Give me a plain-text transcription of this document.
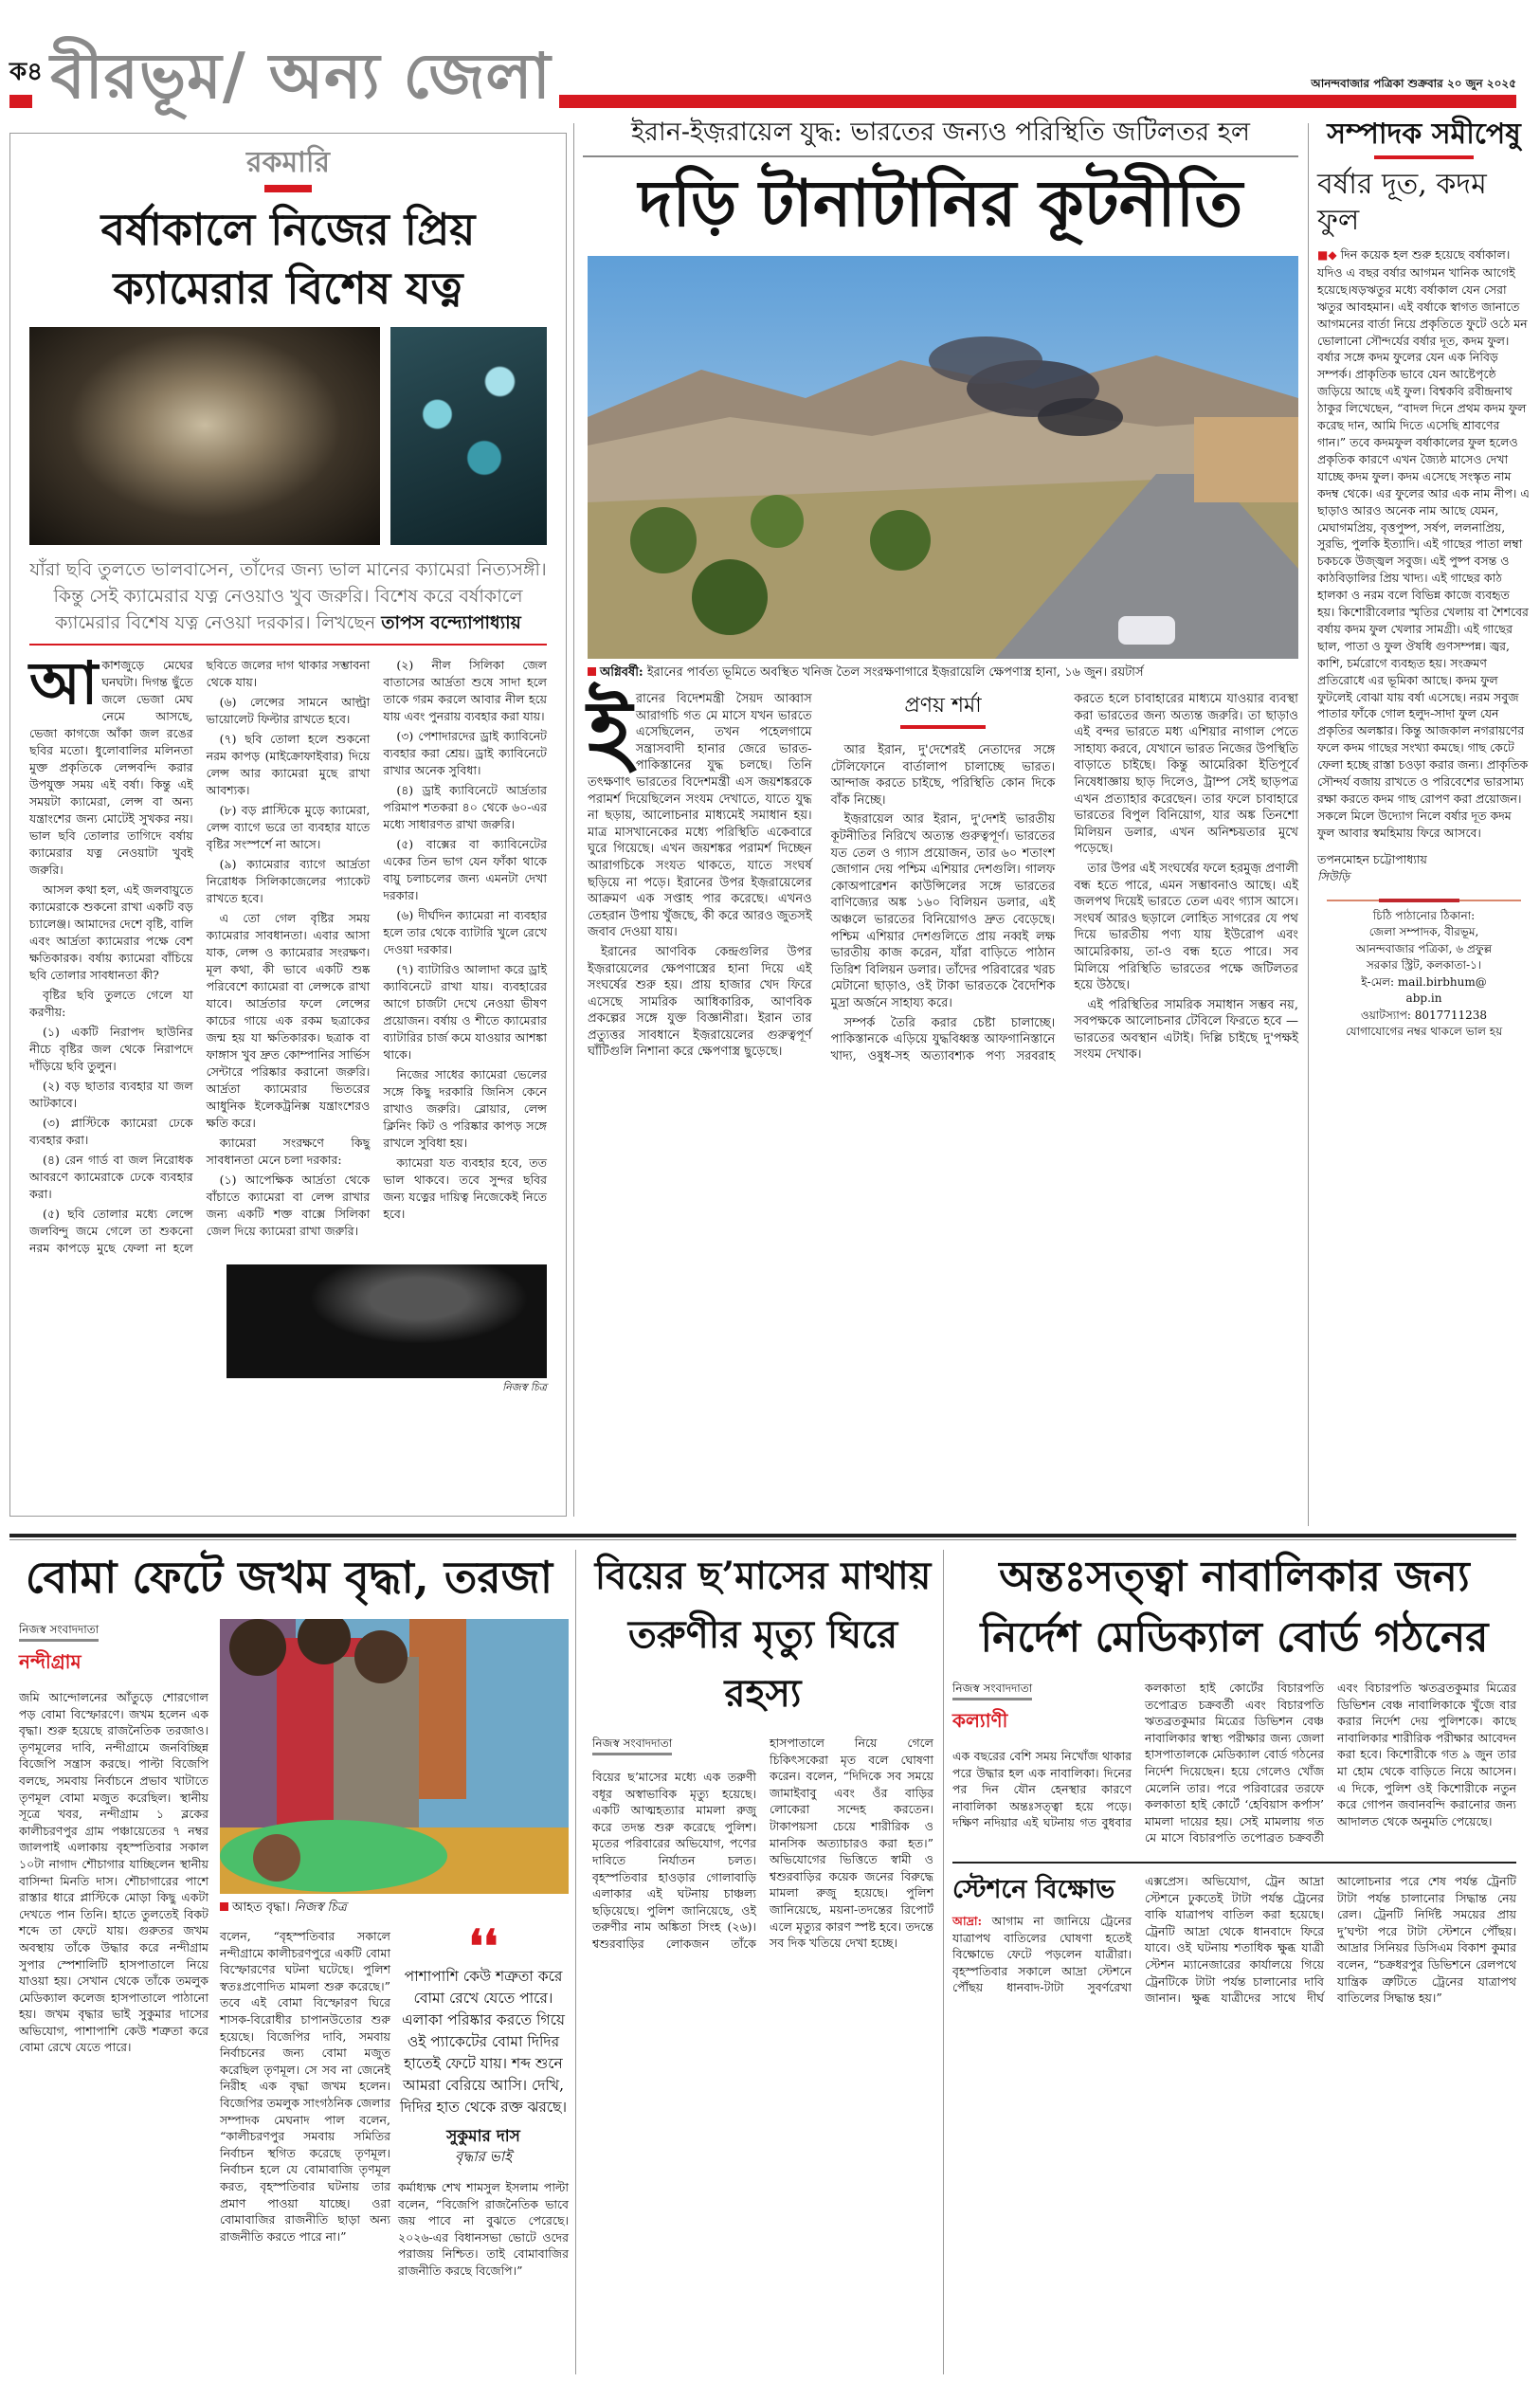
ক৪ বীরভূম/ অন্য জেলা	আনন্দবাজার পত্রিকা শুক্রবার ২০ জুন ২০২৫
রকমারি
বর্ষাকালে নিজের প্রিয় ক্যামেরার বিশেষ যত্ন
যাঁরা ছবি তুলতে ভালবাসেন, তাঁদের জন্য ভাল মানের ক্যামেরা নিত্যসঙ্গী। কিন্তু সেই ক্যামেরার যত্ন নেওয়াও খুব জরুরি। বিশেষ করে বর্ষাকালে ক্যামেরার বিশেষ যত্ন নেওয়া দরকার। লিখছেন তাপস বন্দ্যোপাধ্যায়
আ কাশজুড়ে মেঘের ঘনঘটা। দিগন্ত ছুঁতে জলে ভেজা মেঘ নেমে আসছে, ভেজা কাগজে আঁকা জল রঙের ছবির মতো। ধুলোবালির মলিনতা মুক্ত প্রকৃতিকে লেন্সবন্দি করার উপযুক্ত সময় এই বর্ষা। কিন্তু এই সময়টা ক্যামেরা, লেন্স বা অন্য যন্ত্রাংশের জন্য মোটেই সুখকর নয়। ভাল ছবি তোলার তাগিদে বর্ষায় ক্যামেরার যত্ন নেওয়াটা খুবই জরুরি।

আসল কথা হল, এই জলবায়ুতে ক্যামেরাকে শুকনো রাখা একটি বড় চ্যালেঞ্জ। আমাদের দেশে বৃষ্টি, বালি এবং আর্দ্রতা ক্যামেরার পক্ষে বেশ ক্ষতিকারক। বর্ষায় ক্যামেরা বাঁচিয়ে ছবি তোলার সাবধানতা কী?

বৃষ্টির ছবি তুলতে গেলে যা করণীয়:

(১) একটি নিরাপদ ছাউনির নীচে বৃষ্টির জল থেকে নিরাপদে দাঁড়িয়ে ছবি তুলুন।

(২) বড় ছাতার ব্যবহার যা জল আটকাবে।

(৩) প্লাস্টিকে ক্যামেরা ঢেকে ব্যবহার করা।

(৪) রেন গার্ড বা জল নিরোধক আবরণে ক্যামেরাকে ঢেকে ব্যবহার করা।

(৫) ছবি তোলার মধ্যে লেন্সে জলবিন্দু জমে গেলে তা শুকনো নরম কাপড়ে মুছে ফেলা না হলে ছবিতে জলের দাগ থাকার সম্ভাবনা থেকে যায়।

(৬) লেন্সের সামনে আল্ট্রা ভায়োলেট ফিল্টার রাখতে হবে।

(৭) ছবি তোলা হলে শুকনো নরম কাপড় (মাইক্রোফাইবার) দিয়ে লেন্স আর ক্যামেরা মুছে রাখা আবশ্যক।

(৮) বড় প্লাস্টিকে মুড়ে ক্যামেরা, লেন্স ব্যাগে ভরে তা ব্যবহার যাতে বৃষ্টির সংস্পর্শে না আসে।

(৯) ক্যামেরার ব্যাগে আর্দ্রতা নিরোধক সিলিকাজেলের প্যাকেট রাখতে হবে।

এ তো গেল বৃষ্টির সময় ক্যামেরার সাবধানতা। এবার আসা যাক, লেন্স ও ক্যামেরার সংরক্ষণ। মূল কথা, কী ভাবে একটি শুষ্ক পরিবেশে ক্যামেরা বা লেন্সকে রাখা যাবে। আর্দ্রতার ফলে লেন্সের কাচের গায়ে এক রকম ছত্রাকের জন্ম হয় যা ক্ষতিকারক। ছত্রাক বা ফাঙ্গাস খুব দ্রুত কোম্পানির সার্ভিস সেন্টারে পরিষ্কার করানো জরুরি। আর্দ্রতা ক্যামেরার ভিতরের আধুনিক ইলেকট্রনিক্স যন্ত্রাংশেরও ক্ষতি করে।

ক্যামেরা সংরক্ষণে কিছু সাবধানতা মেনে চলা দরকার:

(১) আপেক্ষিক আর্দ্রতা থেকে বাঁচাতে ক্যামেরা বা লেন্স রাখার জন্য একটি শক্ত বাক্সে সিলিকা জেল দিয়ে ক্যামেরা রাখা জরুরি।

(২) নীল সিলিকা জেল বাতাসের আর্দ্রতা শুষে সাদা হলে তাকে গরম করলে আবার নীল হয়ে যায় এবং পুনরায় ব্যবহার করা যায়।

(৩) পেশাদারদের ড্রাই ক্যাবিনেট ব্যবহার করা শ্রেয়। ড্রাই ক্যাবিনেটে রাখার অনেক সুবিধা।

(৪) ড্রাই ক্যাবিনেটে আর্দ্রতার পরিমাপ শতকরা ৪০ থেকে ৬০-এর মধ্যে সাধারণত রাখা জরুরি।

(৫) বাক্সের বা ক্যাবিনেটের একের তিন ভাগ যেন ফাঁকা থাকে বায়ু চলাচলের জন্য এমনটা দেখা দরকার।

(৬) দীর্ঘদিন ক্যামেরা না ব্যবহার হলে তার থেকে ব্যাটারি খুলে রেখে দেওয়া দরকার।

(৭) ব্যাটারিও আলাদা করে ড্রাই ক্যাবিনেটে রাখা যায়। ব্যবহারের আগে চার্জটা দেখে নেওয়া ভীষণ প্রয়োজন। বর্ষায় ও শীতে ক্যামেরার ব্যাটারির চার্জ কমে যাওয়ার আশঙ্কা থাকে।

নিজের সাধের ক্যামেরা ভেলের সঙ্গে কিছু দরকারি জিনিস কেনে রাখাও জরুরি। ব্লোয়ার, লেন্স ক্লিনিং কিট ও পরিষ্কার কাপড় সঙ্গে রাখলে সুবিধা হয়।

ক্যামেরা যত ব্যবহার হবে, তত ভাল থাকবে। তবে সুন্দর ছবির জন্য যত্নের দায়িত্ব নিজেকেই নিতে হবে।

নিজস্ব চিত্র
ইরান-ইজ়রায়েল যুদ্ধ: ভারতের জন্যও পরিস্থিতি জটিলতর হল
দড়ি টানাটানির কূটনীতি
অগ্নিবর্ষী: ইরানের পার্বত্য ভূমিতে অবস্থিত খনিজ তৈল সংরক্ষণাগারে ইজ়রায়েলি ক্ষেপণাস্ত্র হানা, ১৬ জুন। রয়টার্স
ই রানের বিদেশমন্ত্রী সৈয়দ আব্বাস আরাগচি গত মে মাসে যখন ভারতে এসেছিলেন, তখন পহেলগামে সন্ত্রাসবাদী হানার জেরে ভারত-পাকিস্তানের যুদ্ধ চলছে। তিনি তৎক্ষণাৎ ভারতের বিদেশমন্ত্রী এস জয়শঙ্করকে পরামর্শ দিয়েছিলেন সংযম দেখাতে, যাতে যুদ্ধ না ছড়ায়, আলোচনার মাধ্যমেই সমাধান হয়। মাত্র মাসখানেকের মধ্যে পরিস্থিতি একেবারে ঘুরে গিয়েছে। এখন জয়শঙ্কর পরামর্শ দিচ্ছেন আরাগচিকে সংযত থাকতে, যাতে সংঘর্ষ ছড়িয়ে না পড়ে। ইরানের উপর ইজ়রায়েলের আক্রমণ এক সপ্তাহ পার করেছে। এখনও তেহরান উপায় খুঁজছে, কী করে আরও জুতসই জবাব দেওয়া যায়।

ইরানের আণবিক কেন্দ্রগুলির উপর ইজ়রায়েলের ক্ষেপণাস্ত্রের হানা দিয়ে এই সংঘর্ষের শুরু হয়। প্রায় হাজার খেদ ফিরে এসেছে সামরিক আধিকারিক, আণবিক প্রকল্পের সঙ্গে যুক্ত বিজ্ঞানীরা। ইরান তার প্রত্যুত্তর সাবধানে ইজ়রায়েলের গুরুত্বপূর্ণ ঘাঁটিগুলি নিশানা করে ক্ষেপণাস্ত্র ছুড়েছে।

প্রণয় শর্মা

আর ইরান, দু'দেশেরই নেতাদের সঙ্গে টেলিফোনে বার্তালাপ চালাচ্ছে ভারত। আন্দাজ করতে চাইছে, পরিস্থিতি কোন দিকে বাঁক নিচ্ছে।

ইজ়রায়েল আর ইরান, দু'দেশই ভারতীয় কূটনীতির নিরিখে অত্যন্ত গুরুত্বপূর্ণ। ভারতের যত তেল ও গ্যাস প্রয়োজন, তার ৬০ শতাংশ জোগান দেয় পশ্চিম এশিয়ার দেশগুলি। গালফ কোঅপারেশন কাউন্সিলের সঙ্গে ভারতের বাণিজ্যের অঙ্ক ১৬০ বিলিয়ন ডলার, এই অঞ্চলে ভারতের বিনিয়োগও দ্রুত বেড়েছে। পশ্চিম এশিয়ার দেশগুলিতে প্রায় নব্বই লক্ষ ভারতীয় কাজ করেন, যাঁরা বাড়িতে পাঠান তিরিশ বিলিয়ন ডলার। তাঁদের পরিবারের খরচ মেটানো ছাড়াও, ওই টাকা ভারতকে বৈদেশিক মুদ্রা অর্জনে সাহায্য করে।

সম্পর্ক তৈরি করার চেষ্টা চালাচ্ছে। পাকিস্তানকে এড়িয়ে যুদ্ধবিধ্বস্ত আফগানিস্তানে খাদ্য, ওষুধ-সহ অত্যাবশ্যক পণ্য সরবরাহ করতে হলে চাবাহারের মাধ্যমে যাওয়ার ব্যবস্থা করা ভারতের জন্য অত্যন্ত জরুরি। তা ছাড়াও এই বন্দর ভারতে মধ্য এশিয়ার নাগাল পেতে সাহায্য করবে, যেখানে ভারত নিজের উপস্থিতি বাড়াতে চাইছে। কিন্তু আমেরিকা ইতিপূর্বে নিষেধাজ্ঞায় ছাড় দিলেও, ট্রাম্প সেই ছাড়পত্র এখন প্রত্যাহার করেছেন। তার ফলে চাবাহারে ভারতের বিপুল বিনিয়োগ, যার অঙ্ক তিনশো মিলিয়ন ডলার, এখন অনিশ্চয়তার মুখে পড়েছে।

তার উপর এই সংঘর্ষের ফলে হরমুজ় প্রণালী বন্ধ হতে পারে, এমন সম্ভাবনাও আছে। এই জলপথ দিয়েই ভারতে তেল এবং গ্যাস আসে। সংঘর্ষ আরও ছড়ালে লোহিত সাগরের যে পথ দিয়ে ভারতীয় পণ্য যায় ইউরোপ এবং আমেরিকায়, তা-ও বন্ধ হতে পারে। সব মিলিয়ে পরিস্থিতি ভারতের পক্ষে জটিলতর হয়ে উঠছে।

এই পরিস্থিতির সামরিক সমাধান সম্ভব নয়, সবপক্ষকে আলোচনার টেবিলে ফিরতে হবে — ভারতের অবস্থান এটাই। দিল্লি চাইছে দু'পক্ষই সংযম দেখাক।

সম্পাদক সমীপেষু
বর্ষার দূত, কদম ফুল
■◆ দিন কয়েক হল শুরু হয়েছে বর্ষাকাল। যদিও এ বছর বর্ষার আগমন খানিক আগেই হয়েছে।ষড়ঋতুর মধ্যে বর্ষাকাল যেন সেরা ঋতুর আবহমান। এই বর্ষাকে স্বাগত জানাতে আগমনের বার্তা নিয়ে প্রকৃতিতে ফুটে ওঠে মন ভোলানো সৌন্দর্যের বর্ষার দূত, কদম ফুল। বর্ষার সঙ্গে কদম ফুলের যেন এক নিবিড় সম্পর্ক। প্রাকৃতিক ভাবে যেন আষ্টেপৃষ্ঠে জড়িয়ে আছে এই ফুল। বিশ্বকবি রবীন্দ্রনাথ ঠাকুর লিখেছেন, “বাদল দিনে প্রথম কদম ফুল করেছ দান, আমি দিতে এসেছি শ্রাবণের গান।” তবে কদমফুল বর্ষাকালের ফুল হলেও প্রকৃতিক কারণে এখন জ্যৈষ্ঠ মাসেও দেখা যাচ্ছে কদম ফুল। কদম এসেছে সংস্কৃত নাম কদম্ব থেকে। এর ফুলের আর এক নাম নীপ। এ ছাড়াও আরও অনেক নাম আছে যেমন, মেঘাগমপ্রিয়, বৃত্তপুষ্প, সর্ষপ, ললনাপ্রিয়, সুরভি, পুলকি ইত্যাদি। এই গাছের পাতা লম্বা চকচকে উজ্জ্বল সবুজ। এই পুষ্প বসন্ত ও কাঠবিড়ালির প্রিয় খাদ্য। এই গাছের কাঠ হালকা ও নরম বলে বিভিন্ন কাজে ব্যবহৃত হয়। কিশোরীবেলার স্মৃতির খেলায় বা শৈশবের বর্ষায় কদম ফুল খেলার সামগ্রী। এই গাছের ছাল, পাতা ও ফুল ঔষধি গুণসম্পন্ন। জ্বর, কাশি, চর্মরোগে ব্যবহৃত হয়। সংক্রমণ প্রতিরোধে এর ভূমিকা আছে। কদম ফুল ফুটলেই বোঝা যায় বর্ষা এসেছে। নরম সবুজ পাতার ফাঁকে গোল হলুদ-সাদা ফুল যেন প্রকৃতির অলঙ্কার। কিন্তু আজকাল নগরায়ণের ফলে কদম গাছের সংখ্যা কমছে। গাছ কেটে ফেলা হচ্ছে রাস্তা চওড়া করার জন্য। প্রাকৃতিক সৌন্দর্য বজায় রাখতে ও পরিবেশের ভারসাম্য রক্ষা করতে কদম গাছ রোপণ করা প্রয়োজন। সকলে মিলে উদ্যোগ নিলে বর্ষার দূত কদম ফুল আবার স্বমহিমায় ফিরে আসবে।
তপনমোহন চট্টোপাধ্যায়
সিউড়ি
চিঠি পাঠানোর ঠিকানা:
জেলা সম্পাদক, বীরভূম,
আনন্দবাজার পত্রিকা, ৬ প্রফুল্ল
সরকার স্ট্রিট, কলকাতা-১।
ই-মেল: mail.birbhum@
abp.in
ওয়াটস্যাপ: 8017711238
যোগাযোগের নম্বর থাকলে ভাল হয়
বোমা ফেটে জখম বৃদ্ধা, তরজা
নিজস্ব সংবাদদাতা
নন্দীগ্রাম
জমি আন্দোলনের আঁতুড়ে শোরগোল পড় বোমা বিস্ফোরণে। জখম হলেন এক বৃদ্ধা। শুরু হয়েছে রাজনৈতিক তরজাও। তৃণমূলের দাবি, নন্দীগ্রামে জনবিচ্ছিন্ন বিজেপি সন্ত্রাস করছে। পাল্টা বিজেপি বলছে, সমবায় নির্বাচনে প্রভাব খাটাতে তৃণমূল বোমা মজুত করেছিল। স্থানীয় সূত্রে খবর, নন্দীগ্রাম ১ ব্লকের কালীচরণপুর গ্রাম পঞ্চায়েতের ৭ নম্বর জালপাই এলাকায় বৃহস্পতিবার সকাল ১০টা নাগাদ শৌচাগার যাচ্ছিলেন স্থানীয় বাসিন্দা মিনতি দাস। শৌচাগারের পাশে রাস্তার ধারে প্লাস্টিকে মোড়া কিছু একটা দেখতে পান তিনি। হাতে তুলতেই বিকট শব্দে তা ফেটে যায়। গুরুতর জখম অবস্থায় তাঁকে উদ্ধার করে নন্দীগ্রাম সুপার স্পেশালিটি হাসপাতালে নিয়ে যাওয়া হয়। সেখান থেকে তাঁকে তমলুক মেডিক্যাল কলেজ হাসপাতালে পাঠানো হয়। জখম বৃদ্ধার ভাই সুকুমার দাসের অভিযোগ, পাশাপাশি কেউ শত্রুতা করে বোমা রেখে যেতে পারে।
আহত বৃদ্ধা। নিজস্ব চিত্র
বলেন, “বৃহস্পতিবার সকালে নন্দীগ্রামে কালীচরণপুরে একটি বোমা বিস্ফোরণের ঘটনা ঘটেছে। পুলিশ স্বতঃপ্রণোদিত মামলা শুরু করেছে।” তবে এই বোমা বিস্ফোরণ ঘিরে শাসক-বিরোধীর চাপানউতোর শুরু হয়েছে। বিজেপির দাবি, সমবায় নির্বাচনের জন্য বোমা মজুত করেছিল তৃণমূল। সে সব না জেনেই নিরীহ এক বৃদ্ধা জখম হলেন। বিজেপির তমলুক সাংগঠনিক জেলার সম্পাদক মেঘনাদ পাল বলেন, “কালীচরণপুর সমবায় সমিতির নির্বাচন স্থগিত করেছে তৃণমূল। নির্বাচন হলে যে বোমাবাজি তৃণমূল করত, বৃহস্পতিবার ঘটনায় তার প্রমাণ পাওয়া যাচ্ছে। ওরা বোমাবাজির রাজনীতি ছাড়া অন্য রাজনীতি করতে পারে না।”
❛❛
পাশাপাশি কেউ শত্রুতা করে বোমা রেখে যেতে পারে। এলাকা পরিষ্কার করতে গিয়ে ওই প্যাকেটের বোমা দিদির হাতেই ফেটে যায়। শব্দ শুনে আমরা বেরিয়ে আসি। দেখি, দিদির হাত থেকে রক্ত ঝরছে।
সুকুমার দাস
বৃদ্ধার ভাই
কর্মাধ্যক্ষ শেখ শামসুল ইসলাম পাল্টা বলেন, “বিজেপি রাজনৈতিক ভাবে জয় পাবে না বুঝতে পেরেছে। ২০২৬-এর বিধানসভা ভোটে ওদের পরাজয় নিশ্চিত। তাই বোমাবাজির রাজনীতি করছে বিজেপি।”
বিয়ের ছ’মাসের মাথায় তরুণীর মৃত্যু ঘিরে রহস্য
নিজস্ব সংবাদদাতা
বিয়ের ছ’মাসের মধ্যে এক তরুণী বধূর অস্বাভাবিক মৃত্যু হয়েছে। একটি আত্মহত্যার মামলা রুজু করে তদন্ত শুরু করেছে পুলিশ। মৃতের পরিবারের অভিযোগ, পণের দাবিতে নির্যাতন চলত। বৃহস্পতিবার হাওড়ার গোলাবাড়ি এলাকার এই ঘটনায় চাঞ্চল্য ছড়িয়েছে। পুলিশ জানিয়েছে, ওই তরুণীর নাম অঙ্কিতা সিংহ (২৬)। শ্বশুরবাড়ির লোকজন তাঁকে হাসপাতালে নিয়ে গেলে চিকিৎসকেরা মৃত বলে ঘোষণা করেন। বলেন, “দিদিকে সব সময়ে জামাইবাবু এবং ওঁর বাড়ির লোকেরা সন্দেহ করতেন। টাকাপয়সা চেয়ে শারীরিক ও মানসিক অত্যাচারও করা হত।” অভিযোগের ভিত্তিতে স্বামী ও শ্বশুরবাড়ির কয়েক জনের বিরুদ্ধে মামলা রুজু হয়েছে। পুলিশ জানিয়েছে, ময়না-তদন্তের রিপোর্ট এলে মৃত্যুর কারণ স্পষ্ট হবে। তদন্তে সব দিক খতিয়ে দেখা হচ্ছে।
অন্তঃসত্ত্বা নাবালিকার জন্য নির্দেশ মেডিক্যাল বোর্ড গঠনের
নিজস্ব সংবাদদাতা
কল্যাণী
এক বছরের বেশি সময় নিখোঁজ থাকার পরে উদ্ধার হল এক নাবালিকা। দিনের পর দিন যৌন হেনস্থার কারণে নাবালিকা অন্তঃসত্ত্বা হয়ে পড়ে। দক্ষিণ নদিয়ার এই ঘটনায় গত বুধবার কলকাতা হাই কোর্টের বিচারপতি তপোব্রত চক্রবর্তী এবং বিচারপতি ঋতব্রতকুমার মিত্রের ডিভিশন বেঞ্চ নাবালিকার স্বাস্থ্য পরীক্ষার জন্য জেলা হাসপাতালকে মেডিক্যাল বোর্ড গঠনের নির্দেশ দিয়েছেন। হয়ে গেলেও খোঁজ মেলেনি তার। পরে পরিবারের তরফে কলকাতা হাই কোর্টে ‘হেবিয়াস কর্পাস’ মামলা দায়ের হয়। সেই মামলায় গত মে মাসে বিচারপতি তপোব্রত চক্রবর্তী এবং বিচারপতি ঋতব্রতকুমার মিত্রের ডিভিশন বেঞ্চ নাবালিকাকে খুঁজে বার করার নির্দেশ দেয় পুলিশকে। কাছে নাবালিকার শারীরিক পরীক্ষার আবেদন করা হবে। কিশোরীকে গত ৯ জুন তার মা হোম থেকে বাড়িতে নিয়ে আসেন। এ দিকে, পুলিশ ওই কিশোরীকে নতুন করে গোপন জবানবন্দি করানোর জন্য আদালত থেকে অনুমতি পেয়েছে।
স্টেশনে বিক্ষোভ
আদ্রা: আগাম না জানিয়ে ট্রেনের যাত্রাপথ বাতিলের ঘোষণা হতেই বিক্ষোভে ফেটে পড়লেন যাত্রীরা। বৃহস্পতিবার সকালে আদ্রা স্টেশনে পৌঁছয় ধানবাদ-টাটা সুবর্ণরেখা এক্সপ্রেস। অভিযোগ, ট্রেন আদ্রা স্টেশনে ঢুকতেই টাটা পর্যন্ত ট্রেনের বাকি যাত্রাপথ বাতিল করা হয়েছে। ট্রেনটি আদ্রা থেকে ধানবাদে ফিরে যাবে। ওই ঘটনায় শতাধিক ক্ষুব্ধ যাত্রী স্টেশন ম্যানেজারের কার্যালয়ে গিয়ে ট্রেনটিকে টাটা পর্যন্ত চালানোর দাবি জানান। ক্ষুব্ধ যাত্রীদের সাথে দীর্ঘ আলোচনার পরে শেষ পর্যন্ত ট্রেনটি টাটা পর্যন্ত চালানোর সিদ্ধান্ত নেয় রেল। ট্রেনটি নির্দিষ্ট সময়ের প্রায় দু’ঘণ্টা পরে টাটা স্টেশনে পৌঁছয়। আদ্রার সিনিয়র ডিসিএম বিকাশ কুমার বলেন, “চক্রধরপুর ডিভিশনে রেলপথে যান্ত্রিক ত্রুটিতে ট্রেনের যাত্রাপথ বাতিলের সিদ্ধান্ত হয়।”
